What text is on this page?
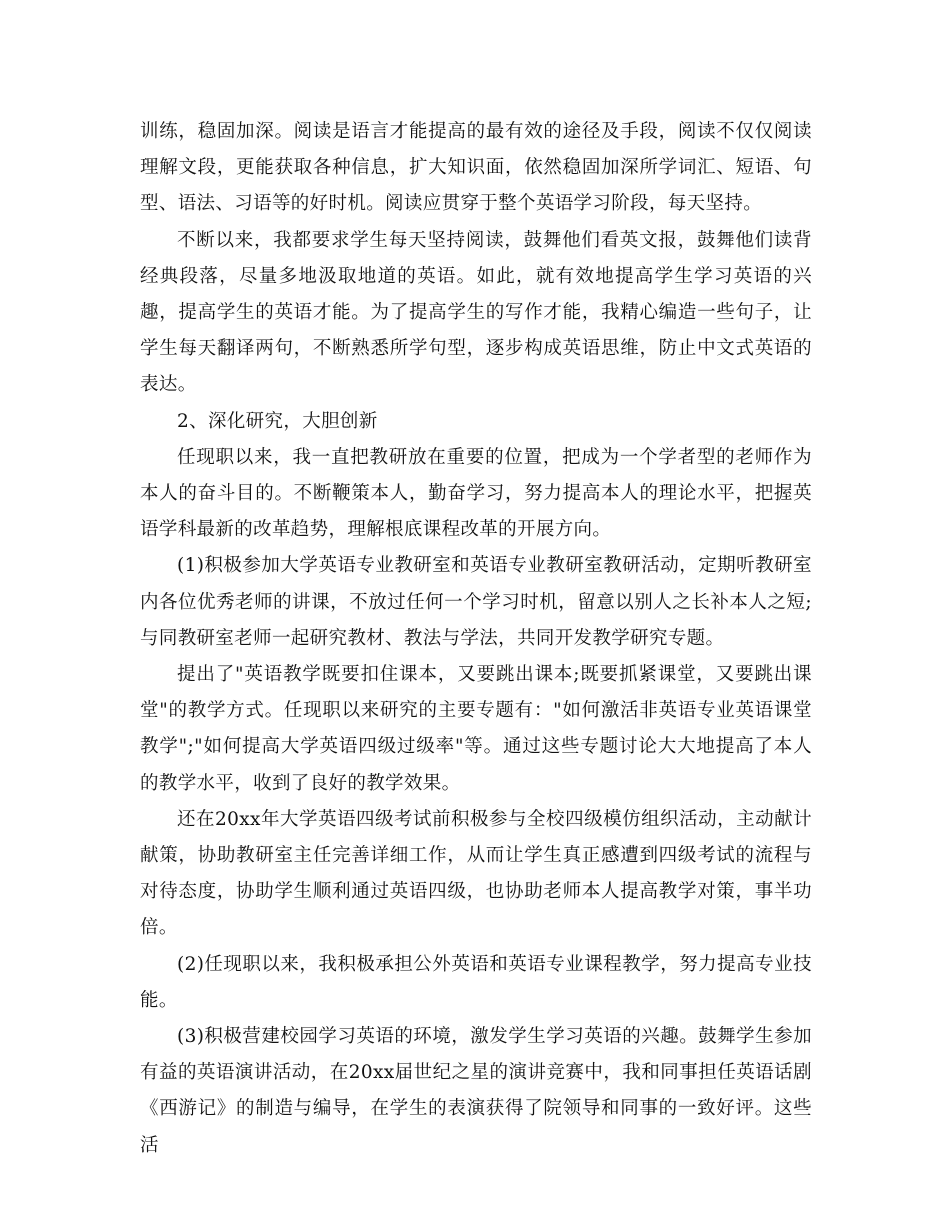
训练，稳固加深。阅读是语言才能提高的最有效的途径及手段，阅读不仅仅阅读理解文段，更能获取各种信息，扩大知识面，依然稳固加深所学词汇、短语、句型、语法、习语等的好时机。阅读应贯穿于整个英语学习阶段，每天坚持。

不断以来，我都要求学生每天坚持阅读，鼓舞他们看英文报，鼓舞他们读背经典段落，尽量多地汲取地道的英语。如此，就有效地提高学生学习英语的兴趣，提高学生的英语才能。为了提高学生的写作才能，我精心编造一些句子，让学生每天翻译两句，不断熟悉所学句型，逐步构成英语思维，防止中文式英语的表达。

2、深化研究，大胆创新

任现职以来，我一直把教研放在重要的位置，把成为一个学者型的老师作为本人的奋斗目的。不断鞭策本人，勤奋学习，努力提高本人的理论水平，把握英语学科最新的改革趋势，理解根底课程改革的开展方向。

(1)积极参加大学英语专业教研室和英语专业教研室教研活动，定期听教研室内各位优秀老师的讲课，不放过任何一个学习时机，留意以别人之长补本人之短;与同教研室老师一起研究教材、教法与学法，共同开发教学研究专题。

提出了"英语教学既要扣住课本，又要跳出课本;既要抓紧课堂，又要跳出课堂"的教学方式。任现职以来研究的主要专题有："如何激活非英语专业英语课堂教学";"如何提高大学英语四级过级率"等。通过这些专题讨论大大地提高了本人的教学水平，收到了良好的教学效果。

还在20xx年大学英语四级考试前积极参与全校四级模仿组织活动，主动献计献策，协助教研室主任完善详细工作，从而让学生真正感遭到四级考试的流程与对待态度，协助学生顺利通过英语四级，也协助老师本人提高教学对策，事半功倍。

(2)任现职以来，我积极承担公外英语和英语专业课程教学，努力提高专业技能。

(3)积极营建校园学习英语的环境，激发学生学习英语的兴趣。鼓舞学生参加有益的英语演讲活动，在20xx届世纪之星的演讲竞赛中，我和同事担任英语话剧《西游记》的制造与编导，在学生的表演获得了院领导和同事的一致好评。这些活
